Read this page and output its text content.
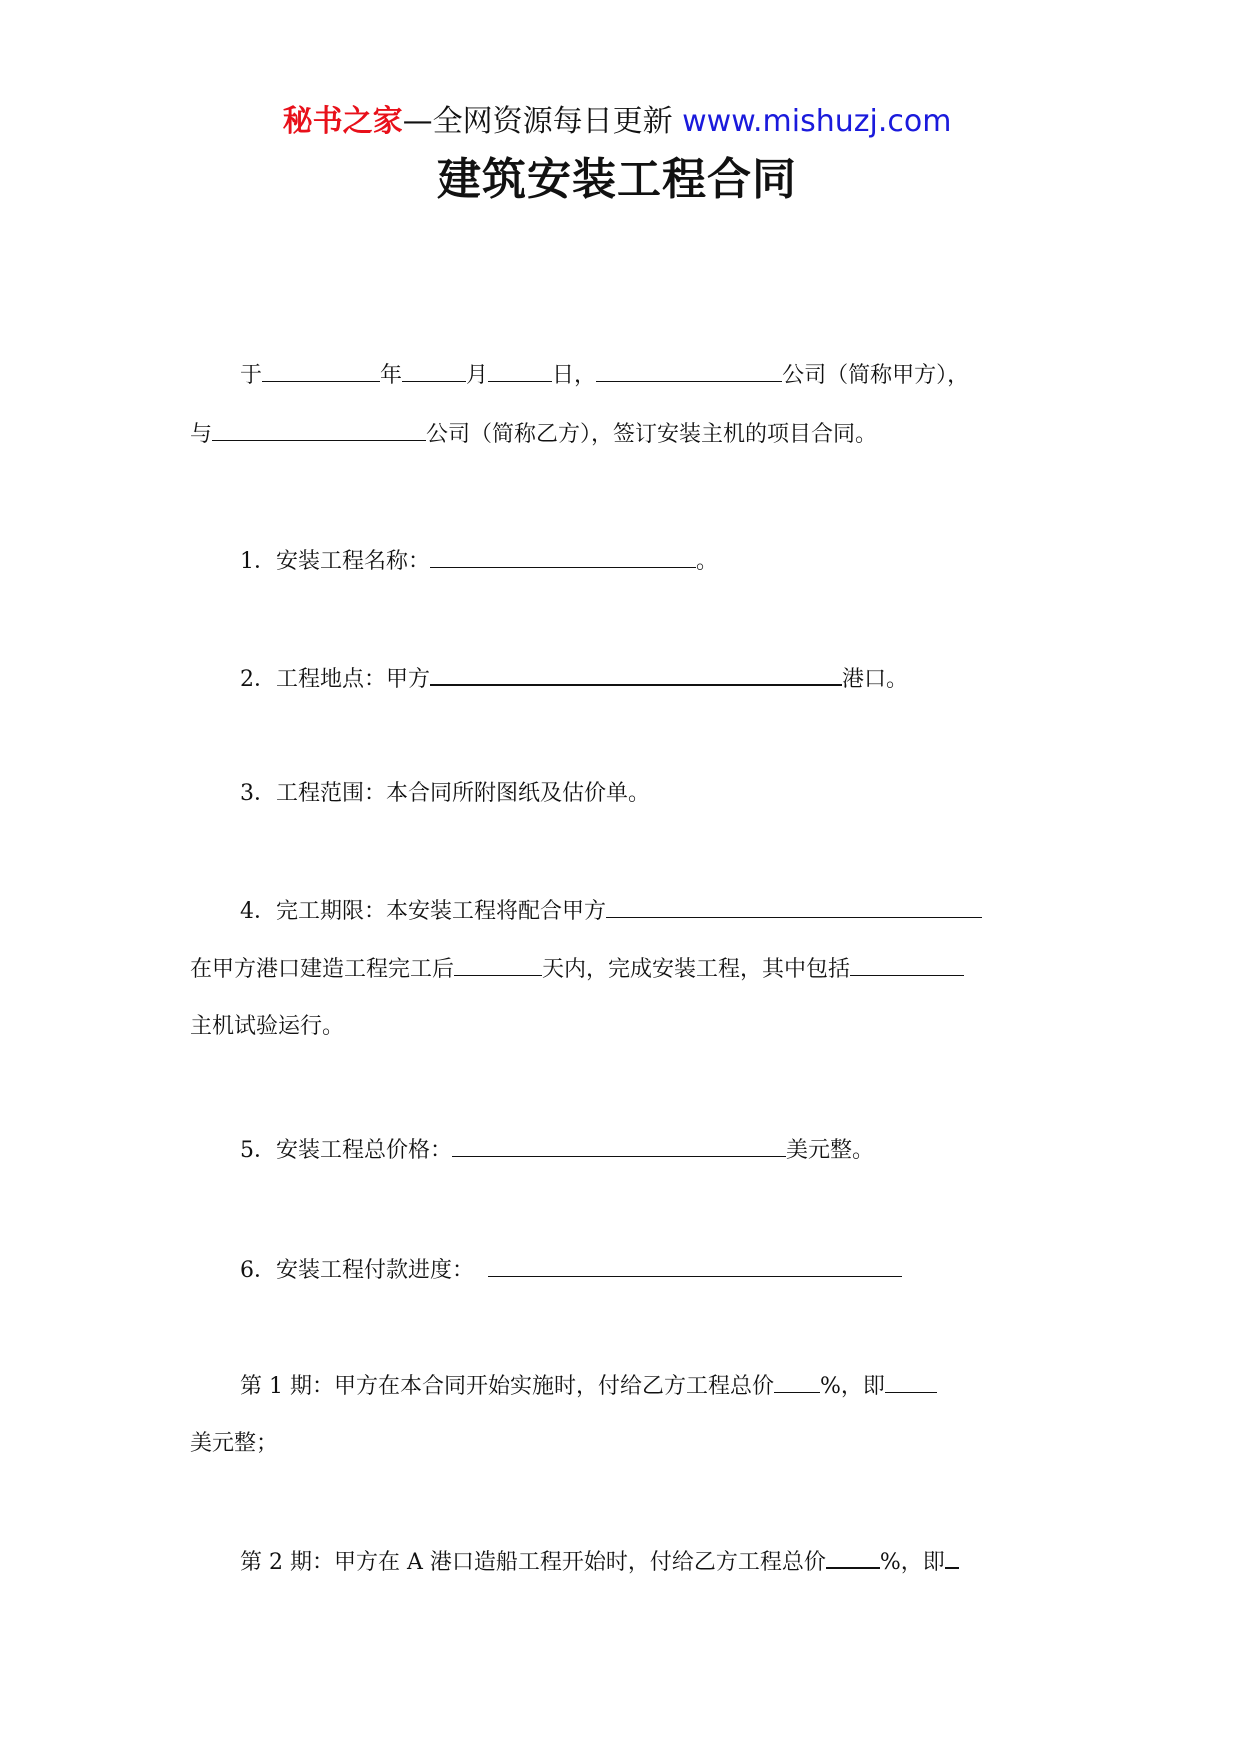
秘书之家—全网资源每日更新 www.mishuzj.com
建筑安装工程合同
于	年	月	日，	公司（简称甲方），
与	公司（简称乙方），签订安装主机的项目合同。
1．安装工程名称：	。
2．工程地点：甲方	港口。
3．工程范围：本合同所附图纸及估价单。
4．完工期限：本安装工程将配合甲方
在甲方港口建造工程完工后	天内，完成安装工程，其中包括
主机试验运行。
5．安装工程总价格：	美元整。
6．安装工程付款进度：
第 1 期：甲方在本合同开始实施时，付给乙方工程总价 %，即
美元整；
第 2 期：甲方在 A 港口造船工程开始时，付给乙方工程总价 %，即
